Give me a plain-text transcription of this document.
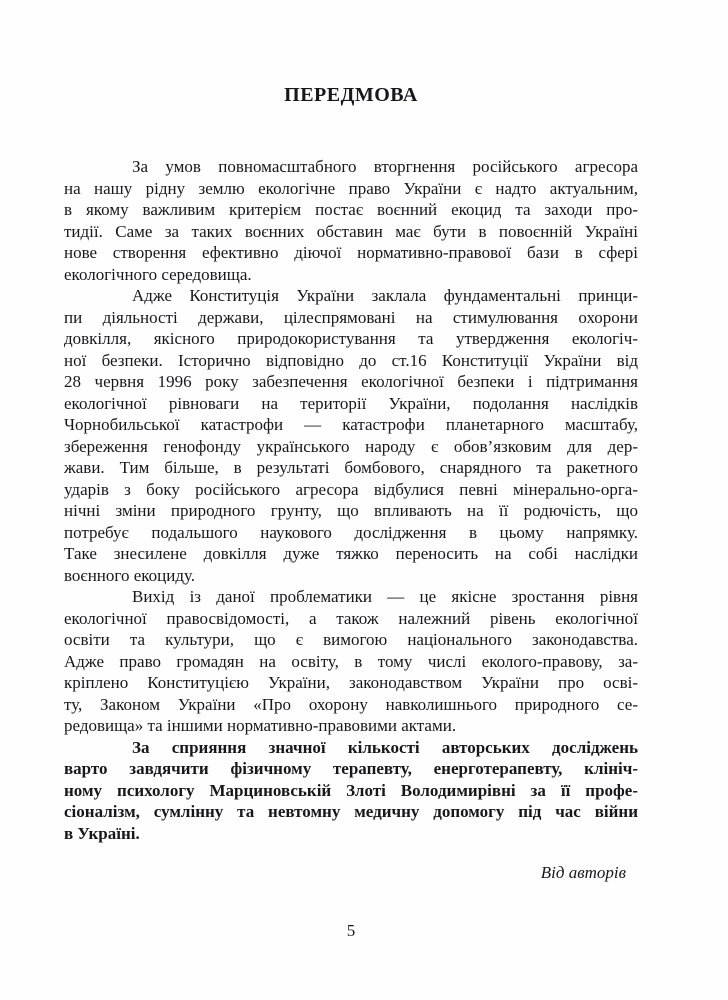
ПЕРЕДМОВА
За умов повномасштабного вторгнення російського агресора
на нашу рідну землю екологічне право України є надто актуальним,
в якому важливим критерієм постає воєнний екоцид та заходи про-
тидії. Саме за таких воєнних обставин має бути в повоєнній Україні
нове створення ефективно діючої нормативно-правової бази в сфері
екологічного середовища.
Адже Конституція України заклала фундаментальні принци-
пи діяльності держави, цілеспрямовані на стимулювання охорони
довкілля, якісного природокористування та утвердження екологіч-
ної безпеки. Історично відповідно до ст.16 Конституції України від
28 червня 1996 року забезпечення екологічної безпеки і підтримання
екологічної рівноваги на території України, подолання наслідків
Чорнобильської катастрофи — катастрофи планетарного масштабу,
збереження генофонду українського народу є обов’язковим для дер-
жави. Тим більше, в результаті бомбового, снарядного та ракетного
ударів з боку російського агресора відбулися певні мінерально-орга-
нічні зміни природного грунту, що впливають на її родючість, що
потребує подальшого наукового дослідження в цьому напрямку.
Таке знесилене довкілля дуже тяжко переносить на собі наслідки
воєнного екоциду.
Вихід із даної проблематики — це якісне зростання рівня
екологічної правосвідомості, а також належний рівень екологічної
освіти та культури, що є вимогою національного законодавства.
Адже право громадян на освіту, в тому числі еколого-правову, за-
кріплено Конституцією України, законодавством України про осві-
ту, Законом України «Про охорону навколишнього природного се-
редовища» та іншими нормативно-правовими актами.
За сприяння значної кількості авторських досліджень
варто завдячити фізичному терапевту, енерготерапевту, клініч-
ному психологу Марциновській Злоті Володимирівні за її профе-
сіоналізм, сумлінну та невтомну медичну допомогу під час війни
в Україні.
Від авторів
5
